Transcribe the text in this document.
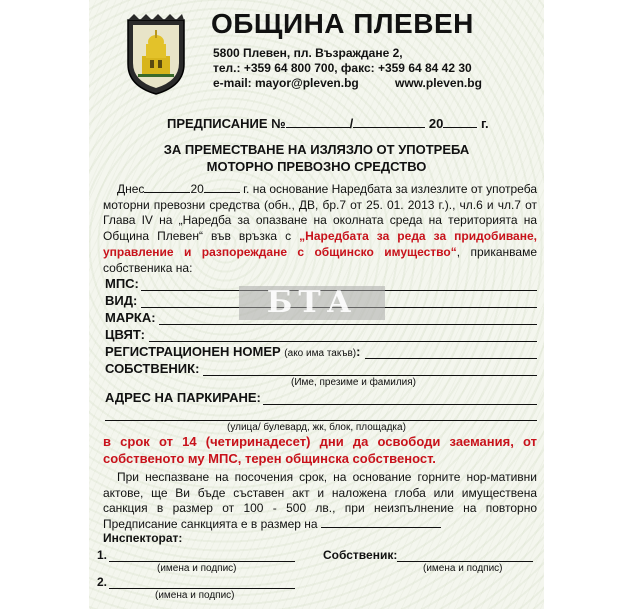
ОБЩИНА ПЛЕВЕН
5800 Плевен, пл. Възраждане 2,
тел.: +359 64 800 700, факс: +359 64 84 42 30
e-mail: mayor@pleven.bg	www.pleven.bg
ПРЕДПИСАНИЕ №	/	20	г.
ЗА ПРЕМЕСТВАНЕ НА ИЗЛЯЗЛО ОТ УПОТРЕБА
МОТОРНО ПРЕВОЗНО СРЕДСТВО
Днес	20	г. на основание Наредбата за излезлите от употреба моторни превозни средства (обн., ДВ, бр.7 от 25. 01. 2013 г.)., чл.6 и чл.7 от Глава IV на „Наредба за опазване на околната среда на територията на Община Плевен“ във връзка с „Наредбата за реда за придобиване, управление и разпореждане с общинско имущество“, приканваме собственика на:
МПС:
ВИД:
МАРКА:
ЦВЯТ:
РЕГИСТРАЦИОНЕН НОМЕР (ако има такъв):
СОБСТВЕНИК:
(Име, презиме и фамилия)
АДРЕС НА ПАРКИРАНЕ:
(улица/ булевард, жк, блок, площадка)
БТА
в срок от 14 (четиринадесет) дни да освободи заемания, от собственото му МПС, терен общинска собственост.
При неспазване на посочения срок, на основание горните нор-мативни актове, ще Ви бъде съставен акт и наложена глоба или имуществена санкция в размер от 100 - 500 лв., при неизпълнение на повторно Предписание санкцията е в размер на
Инспекторат:
1.
(имена и подпис)
Собственик:
(имена и подпис)
2.
(имена и подпис)
